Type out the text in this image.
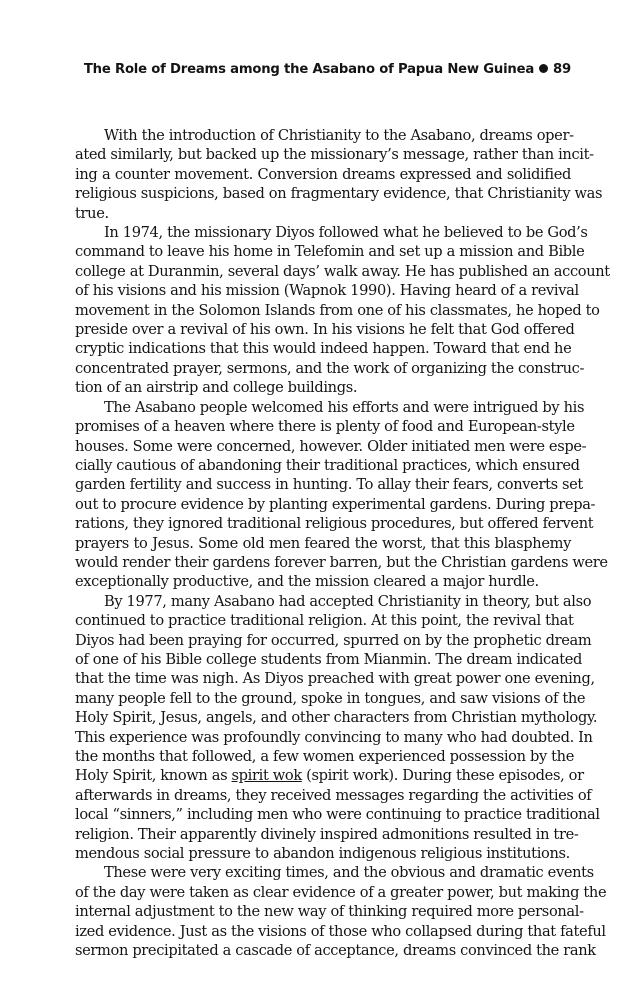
The Role of Dreams among the Asabano of Papua New Guinea 89
With the introduction of Christianity to the Asabano, dreams oper-
ated similarly, but backed up the missionary’s message, rather than incit-
ing a counter movement. Conversion dreams expressed and solidified
religious suspicions, based on fragmentary evidence, that Christianity was
true.
In 1974, the missionary Diyos followed what he believed to be God’s
command to leave his home in Telefomin and set up a mission and Bible
college at Duranmin, several days’ walk away. He has published an account
of his visions and his mission (Wapnok 1990). Having heard of a revival
movement in the Solomon Islands from one of his classmates, he hoped to
preside over a revival of his own. In his visions he felt that God offered
cryptic indications that this would indeed happen. Toward that end he
concentrated prayer, sermons, and the work of organizing the construc-
tion of an airstrip and college buildings.
The Asabano people welcomed his efforts and were intrigued by his
promises of a heaven where there is plenty of food and European-style
houses. Some were concerned, however. Older initiated men were espe-
cially cautious of abandoning their traditional practices, which ensured
garden fertility and success in hunting. To allay their fears, converts set
out to procure evidence by planting experimental gardens. During prepa-
rations, they ignored traditional religious procedures, but offered fervent
prayers to Jesus. Some old men feared the worst, that this blasphemy
would render their gardens forever barren, but the Christian gardens were
exceptionally productive, and the mission cleared a major hurdle.
By 1977, many Asabano had accepted Christianity in theory, but also
continued to practice traditional religion. At this point, the revival that
Diyos had been praying for occurred, spurred on by the prophetic dream
of one of his Bible college students from Mianmin. The dream indicated
that the time was nigh. As Diyos preached with great power one evening,
many people fell to the ground, spoke in tongues, and saw visions of the
Holy Spirit, Jesus, angels, and other characters from Christian mythology.
This experience was profoundly convincing to many who had doubted. In
the months that followed, a few women experienced possession by the
Holy Spirit, known as spirit wok (spirit work). During these episodes, or
afterwards in dreams, they received messages regarding the activities of
local “sinners,” including men who were continuing to practice traditional
religion. Their apparently divinely inspired admonitions resulted in tre-
mendous social pressure to abandon indigenous religious institutions.
These were very exciting times, and the obvious and dramatic events
of the day were taken as clear evidence of a greater power, but making the
internal adjustment to the new way of thinking required more personal-
ized evidence. Just as the visions of those who collapsed during that fateful
sermon precipitated a cascade of acceptance, dreams convinced the rank
